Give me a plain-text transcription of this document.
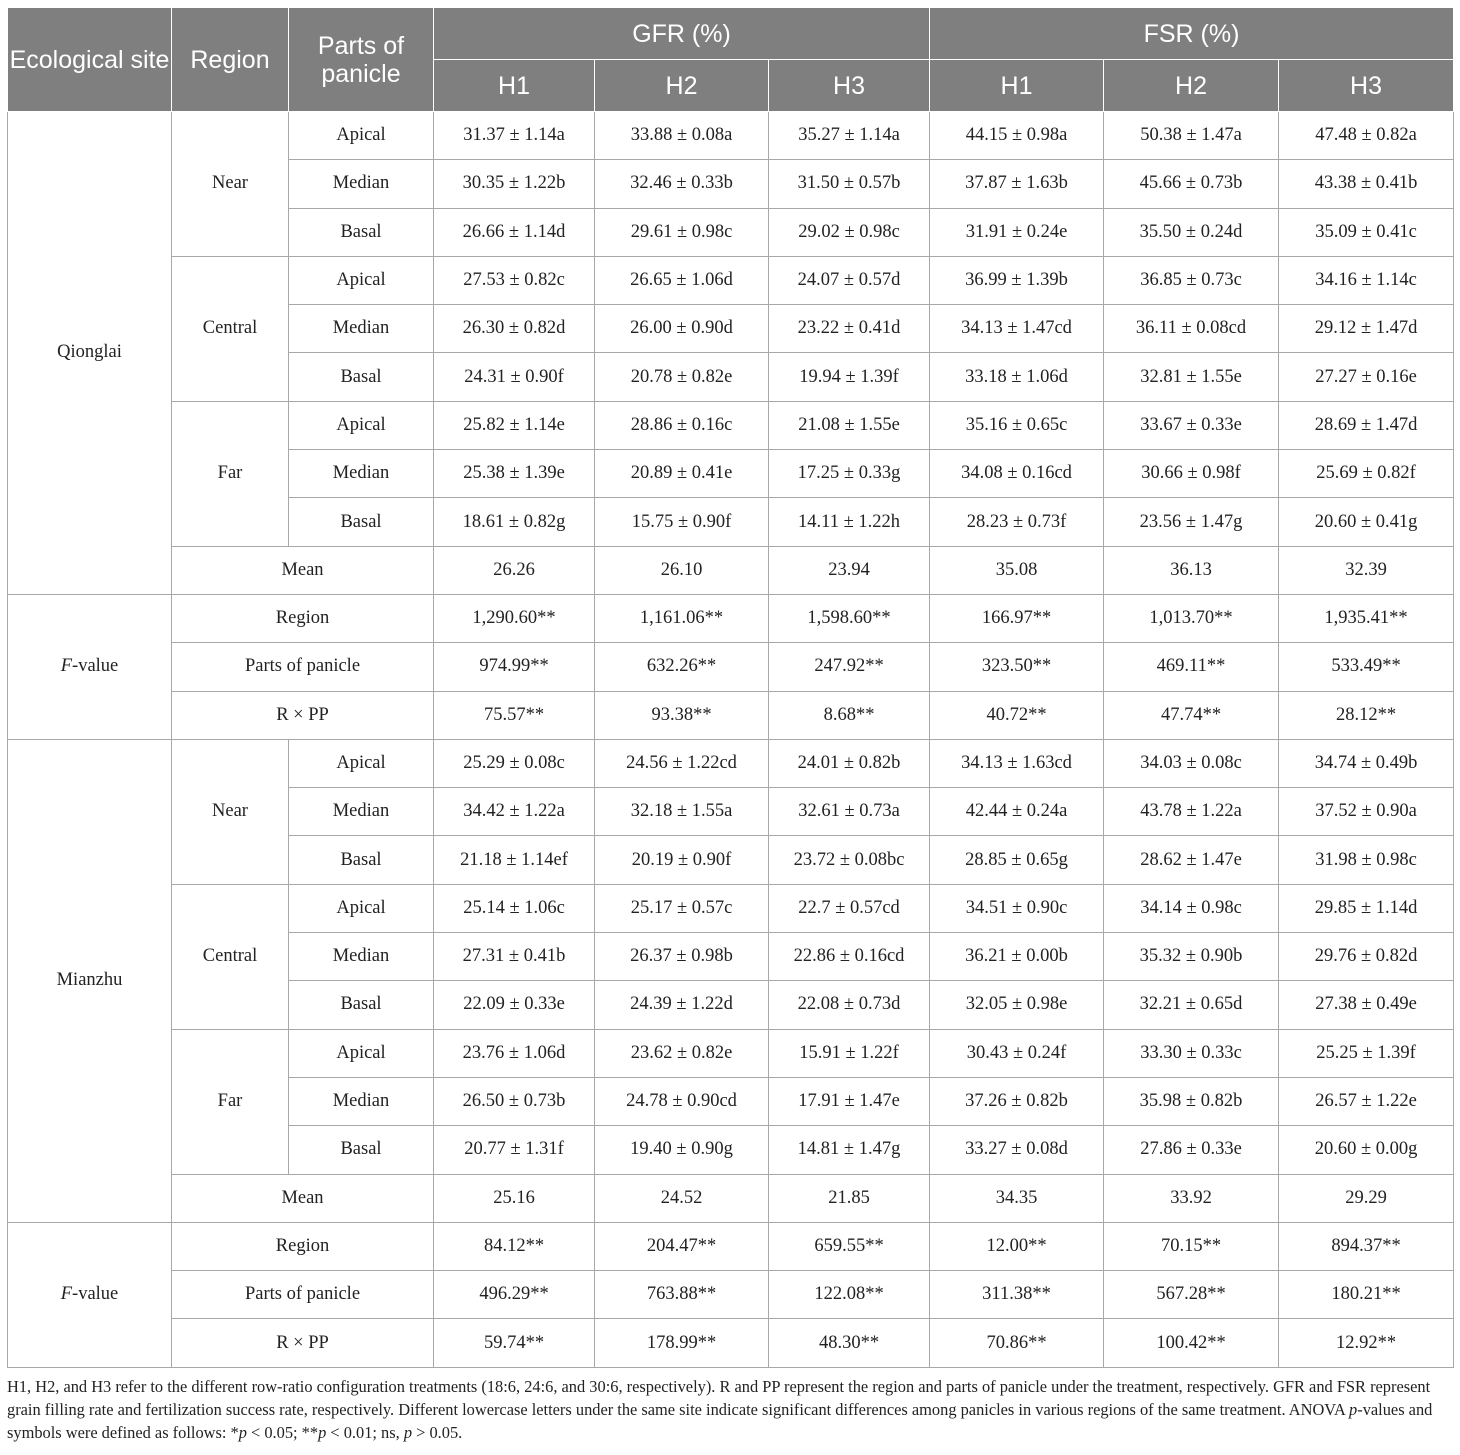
Ecological site	Region	Parts of panicle	GFR (%)			FSR (%)		
			H1	H2	H3	H1	H2	H3
Qionglai	Near	Apical	31.37 ± 1.14a	33.88 ± 0.08a	35.27 ± 1.14a	44.15 ± 0.98a	50.38 ± 1.47a	47.48 ± 0.82a
		Median	30.35 ± 1.22b	32.46 ± 0.33b	31.50 ± 0.57b	37.87 ± 1.63b	45.66 ± 0.73b	43.38 ± 0.41b
		Basal	26.66 ± 1.14d	29.61 ± 0.98c	29.02 ± 0.98c	31.91 ± 0.24e	35.50 ± 0.24d	35.09 ± 0.41c
	Central	Apical	27.53 ± 0.82c	26.65 ± 1.06d	24.07 ± 0.57d	36.99 ± 1.39b	36.85 ± 0.73c	34.16 ± 1.14c
		Median	26.30 ± 0.82d	26.00 ± 0.90d	23.22 ± 0.41d	34.13 ± 1.47cd	36.11 ± 0.08cd	29.12 ± 1.47d
		Basal	24.31 ± 0.90f	20.78 ± 0.82e	19.94 ± 1.39f	33.18 ± 1.06d	32.81 ± 1.55e	27.27 ± 0.16e
	Far	Apical	25.82 ± 1.14e	28.86 ± 0.16c	21.08 ± 1.55e	35.16 ± 0.65c	33.67 ± 0.33e	28.69 ± 1.47d
		Median	25.38 ± 1.39e	20.89 ± 0.41e	17.25 ± 0.33g	34.08 ± 0.16cd	30.66 ± 0.98f	25.69 ± 0.82f
		Basal	18.61 ± 0.82g	15.75 ± 0.90f	14.11 ± 1.22h	28.23 ± 0.73f	23.56 ± 1.47g	20.60 ± 0.41g
	Mean		26.26	26.10	23.94	35.08	36.13	32.39
F-value	Region		1,290.60**	1,161.06**	1,598.60**	166.97**	1,013.70**	1,935.41**
	Parts of panicle		974.99**	632.26**	247.92**	323.50**	469.11**	533.49**
	R × PP		75.57**	93.38**	8.68**	40.72**	47.74**	28.12**
Mianzhu	Near	Apical	25.29 ± 0.08c	24.56 ± 1.22cd	24.01 ± 0.82b	34.13 ± 1.63cd	34.03 ± 0.08c	34.74 ± 0.49b
		Median	34.42 ± 1.22a	32.18 ± 1.55a	32.61 ± 0.73a	42.44 ± 0.24a	43.78 ± 1.22a	37.52 ± 0.90a
		Basal	21.18 ± 1.14ef	20.19 ± 0.90f	23.72 ± 0.08bc	28.85 ± 0.65g	28.62 ± 1.47e	31.98 ± 0.98c
	Central	Apical	25.14 ± 1.06c	25.17 ± 0.57c	22.7 ± 0.57cd	34.51 ± 0.90c	34.14 ± 0.98c	29.85 ± 1.14d
		Median	27.31 ± 0.41b	26.37 ± 0.98b	22.86 ± 0.16cd	36.21 ± 0.00b	35.32 ± 0.90b	29.76 ± 0.82d
		Basal	22.09 ± 0.33e	24.39 ± 1.22d	22.08 ± 0.73d	32.05 ± 0.98e	32.21 ± 0.65d	27.38 ± 0.49e
	Far	Apical	23.76 ± 1.06d	23.62 ± 0.82e	15.91 ± 1.22f	30.43 ± 0.24f	33.30 ± 0.33c	25.25 ± 1.39f
		Median	26.50 ± 0.73b	24.78 ± 0.90cd	17.91 ± 1.47e	37.26 ± 0.82b	35.98 ± 0.82b	26.57 ± 1.22e
		Basal	20.77 ± 1.31f	19.40 ± 0.90g	14.81 ± 1.47g	33.27 ± 0.08d	27.86 ± 0.33e	20.60 ± 0.00g
	Mean		25.16	24.52	21.85	34.35	33.92	29.29
F-value	Region		84.12**	204.47**	659.55**	12.00**	70.15**	894.37**
	Parts of panicle		496.29**	763.88**	122.08**	311.38**	567.28**	180.21**
	R × PP		59.74**	178.99**	48.30**	70.86**	100.42**	12.92**
H1, H2, and H3 refer to the different row-ratio configuration treatments (18:6, 24:6, and 30:6, respectively). R and PP represent the region and parts of panicle under the treatment, respectively. GFR and FSR represent grain filling rate and fertilization success rate, respectively. Different lowercase letters under the same site indicate significant differences among panicles in various regions of the same treatment. ANOVA p-values and symbols were defined as follows: *p < 0.05; **p < 0.01; ns, p > 0.05.
